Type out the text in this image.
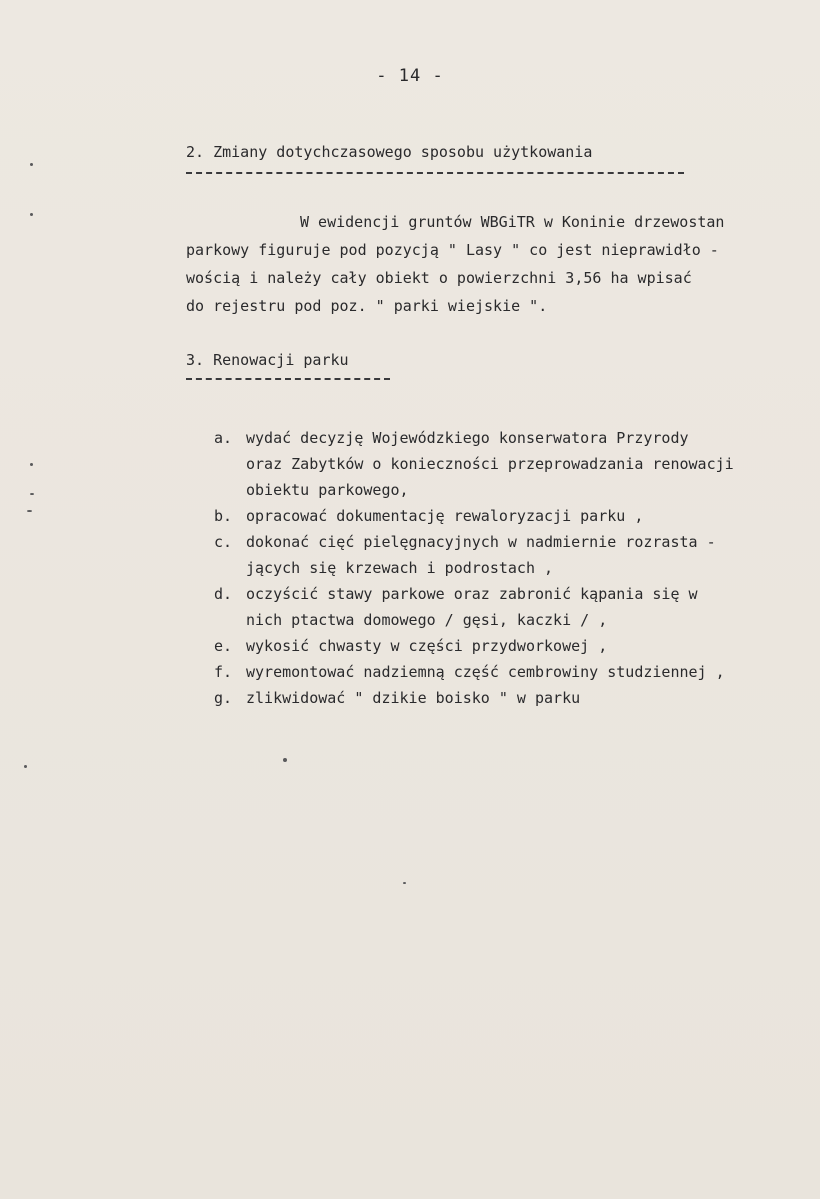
- 14 -
2. Zmiany dotychczasowego sposobu użytkowania
W ewidencji gruntów WBGiTR w Koninie drzewostan
parkowy figuruje pod pozycją " Lasy " co jest nieprawidło -
wością i należy cały obiekt o powierzchni 3,56 ha wpisać
do rejestru pod poz. " parki wiejskie ".
3. Renowacji parku
a. wydać decyzję Wojewódzkiego konserwatora Przyrody
oraz Zabytków o konieczności przeprowadzania renowacji
obiektu parkowego,
b. opracować dokumentację rewaloryzacji parku ,
c. dokonać cięć pielęgnacyjnych w nadmiernie rozrasta -
jących się krzewach i podrostach ,
d. oczyścić stawy parkowe oraz zabronić kąpania się w
nich ptactwa domowego / gęsi, kaczki / ,
e. wykosić chwasty w części przydworkowej ,
f. wyremontować nadziemną część cembrowiny studziennej ,
g. zlikwidować " dzikie boisko " w parku
